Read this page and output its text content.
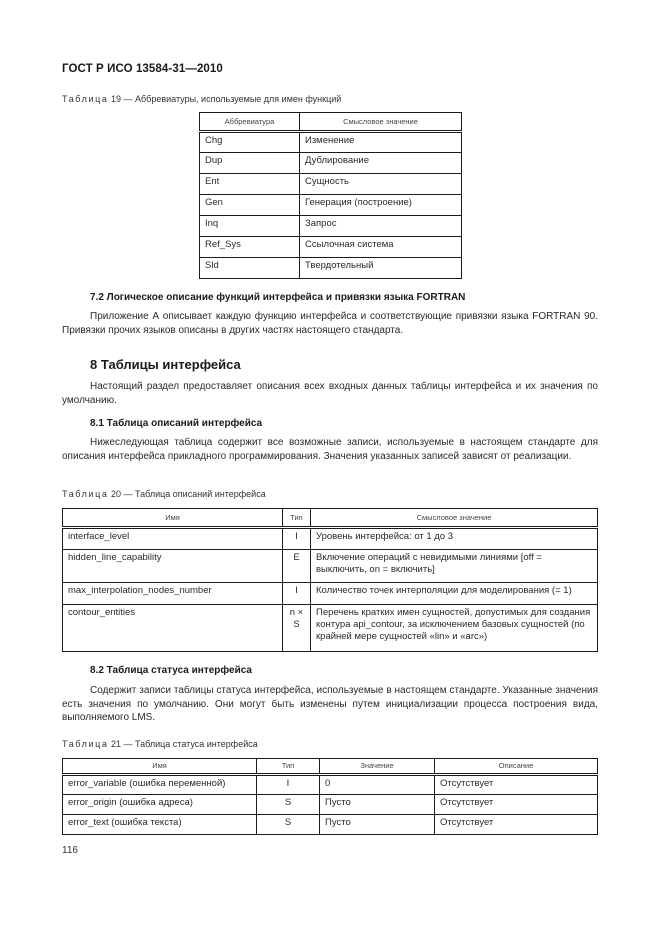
ГОСТ Р ИСО 13584-31—2010
Таблица 19 — Аббревиатуры, используемые для имен функций
Аббревиатура	Смысловое значение
Chg	Изменение
Dup	Дублирование
Ent	Сущность
Gen	Генерация (построение)
Inq	Запрос
Ref_Sys	Ссылочная система
Sld	Твердотельный
7.2 Логическое описание функций интерфейса и привязки языка FORTRAN
Приложение А описывает каждую функцию интерфейса и соответствующие привязки языка FORTRAN 90. Привязки прочих языков описаны в других частях настоящего стандарта.
8 Таблицы интерфейса
Настоящий раздел предоставляет описания всех входных данных таблицы интерфейса и их значения по умолчанию.
8.1 Таблица описаний интерфейса
Нижеследующая таблица содержит все возможные записи, используемые в настоящем стандарте для описания интерфейса прикладного программирования. Значения указанных записей зависят от реализации.
Таблица 20 — Таблица описаний интерфейса
Имя	Тип	Смысловое значение
interface_level	I	Уровень интерфейса: от 1 до 3
hidden_line_capability	E	Включение операций с невидимыми линиями [off = выключить, on = включить]
max_interpolation_nodes_number	I	Количество точек интерполяции для моделирования (= 1)
contour_entities	n × S	Перечень кратких имен сущностей, допустимых для создания контура api_contour, за исключением базовых сущностей (по крайней мере сущностей «lin» и «arc»)
8.2 Таблица статуса интерфейса
Содержит записи таблицы статуса интерфейса, используемые в настоящем стандарте. Указанные значения есть значения по умолчанию. Они могут быть изменены путем инициализации процесса построения вида, выполняемого LMS.
Таблица 21 — Таблица статуса интерфейса
Имя	Тип	Значение	Описание
error_variable (ошибка переменной)	I	0	Отсутствует
error_origin (ошибка адреса)	S	Пусто	Отсутствует
error_text (ошибка текста)	S	Пусто	Отсутствует
116
